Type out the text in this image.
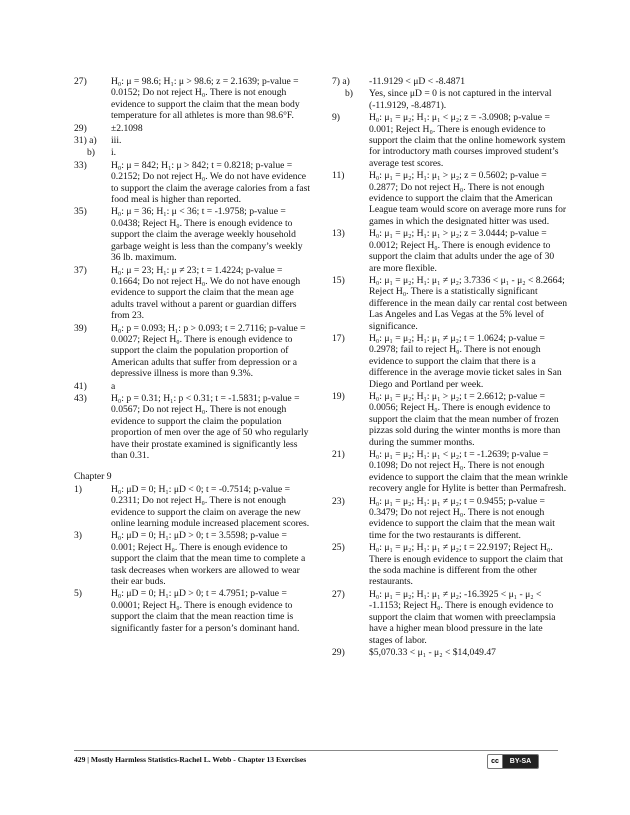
27)	H₀: μ = 98.6; H₁: μ > 98.6; z = 2.1639; p-value = 0.0152; Do not reject H₀. There is not enough evidence to support the claim that the mean body temperature for all athletes is more than 98.6°F.
29)	±2.1098
31) a)	iii.
b)	i.
33)	H₀: μ = 842; H₁: μ > 842; t = 0.8218; p-value = 0.2152; Do not reject H₀. We do not have evidence to support the claim the average calories from a fast food meal is higher than reported.
35)	H₀: μ = 36; H₁: μ < 36; t = -1.9758; p-value = 0.0438; Reject H₀. There is enough evidence to support the claim the average weekly household garbage weight is less than the company’s weekly 36 lb. maximum.
37)	H₀: μ = 23; H₁: μ ≠ 23; t = 1.4224; p-value = 0.1664; Do not reject H₀. We do not have enough evidence to support the claim that the mean age adults travel without a parent or guardian differs from 23.
39)	H₀: p = 0.093; H₁: p > 0.093; t = 2.7116; p-value = 0.0027; Reject H₀. There is enough evidence to support the claim the population proportion of American adults that suffer from depression or a depressive illness is more than 9.3%.
41)	a
43)	H₀: p = 0.31; H₁: p < 0.31; t = -1.5831; p-value = 0.0567; Do not reject H₀. There is not enough evidence to support the claim the population proportion of men over the age of 50 who regularly have their prostate examined is significantly less than 0.31.
Chapter 9
1)	H₀: μD = 0; H₁: μD < 0; t = -0.7514; p-value = 0.2311; Do not reject H₀. There is not enough evidence to support the claim on average the new online learning module increased placement scores.
3)	H₀: μD = 0; H₁: μD > 0; t = 3.5598; p-value = 0.001; Reject H₀. There is enough evidence to support the claim that the mean time to complete a task decreases when workers are allowed to wear their ear buds.
5)	H₀: μD = 0; H₁: μD > 0; t = 4.7951; p-value = 0.0001; Reject H₀. There is enough evidence to support the claim that the mean reaction time is significantly faster for a person’s dominant hand.
7) a)	-11.9129 < μD < -8.4871
b)	Yes, since μD = 0 is not captured in the interval (-11.9129, -8.4871).
9)	H₀: μ₁ = μ₂; H₁: μ₁ < μ₂; z = -3.0908; p-value = 0.001; Reject H₀. There is enough evidence to support the claim that the online homework system for introductory math courses improved student’s average test scores.
11)	H₀: μ₁ = μ₂; H₁: μ₁ > μ₂; z = 0.5602; p-value = 0.2877; Do not reject H₀. There is not enough evidence to support the claim that the American League team would score on average more runs for games in which the designated hitter was used.
13)	H₀: μ₁ = μ₂; H₁: μ₁ > μ₂; z = 3.0444; p-value = 0.0012; Reject H₀. There is enough evidence to support the claim that adults under the age of 30 are more flexible.
15)	H₀: μ₁ = μ₂; H₁: μ₁ ≠ μ₂; 3.7336 < μ₁ - μ₂ < 8.2664; Reject H₀. There is a statistically significant difference in the mean daily car rental cost between Las Angeles and Las Vegas at the 5% level of significance.
17)	H₀: μ₁ = μ₂; H₁: μ₁ ≠ μ₂; t = 1.0624; p-value = 0.2978; fail to reject H₀. There is not enough evidence to support the claim that there is a difference in the average movie ticket sales in San Diego and Portland per week.
19)	H₀: μ₁ = μ₂; H₁: μ₁ > μ₂; t = 2.6612; p-value = 0.0056; Reject H₀. There is enough evidence to support the claim that the mean number of frozen pizzas sold during the winter months is more than during the summer months.
21)	H₀: μ₁ = μ₂; H₁: μ₁ < μ₂; t = -1.2639; p-value = 0.1098; Do not reject H₀. There is not enough evidence to support the claim that the mean wrinkle recovery angle for Hylite is better than Permafresh.
23)	H₀: μ₁ = μ₂; H₁: μ₁ ≠ μ₂; t = 0.9455; p-value = 0.3479; Do not reject H₀. There is not enough evidence to support the claim that the mean wait time for the two restaurants is different.
25)	H₀: μ₁ = μ₂; H₁: μ₁ ≠ μ₂; t = 22.9197; Reject H₀. There is enough evidence to support the claim that the soda machine is different from the other restaurants.
27)	H₀: μ₁ = μ₂; H₁: μ₁ ≠ μ₂; -16.3925 < μ₁ - μ₂ < -1.1153; Reject H₀. There is enough evidence to support the claim that women with preeclampsia have a higher mean blood pressure in the late stages of labor.
29)	$5,070.33 < μ₁ - μ₂ < $14,049.47
429 | Mostly Harmless Statistics-Rachel L. Webb - Chapter 13 Exercises	cc	BY-SA
